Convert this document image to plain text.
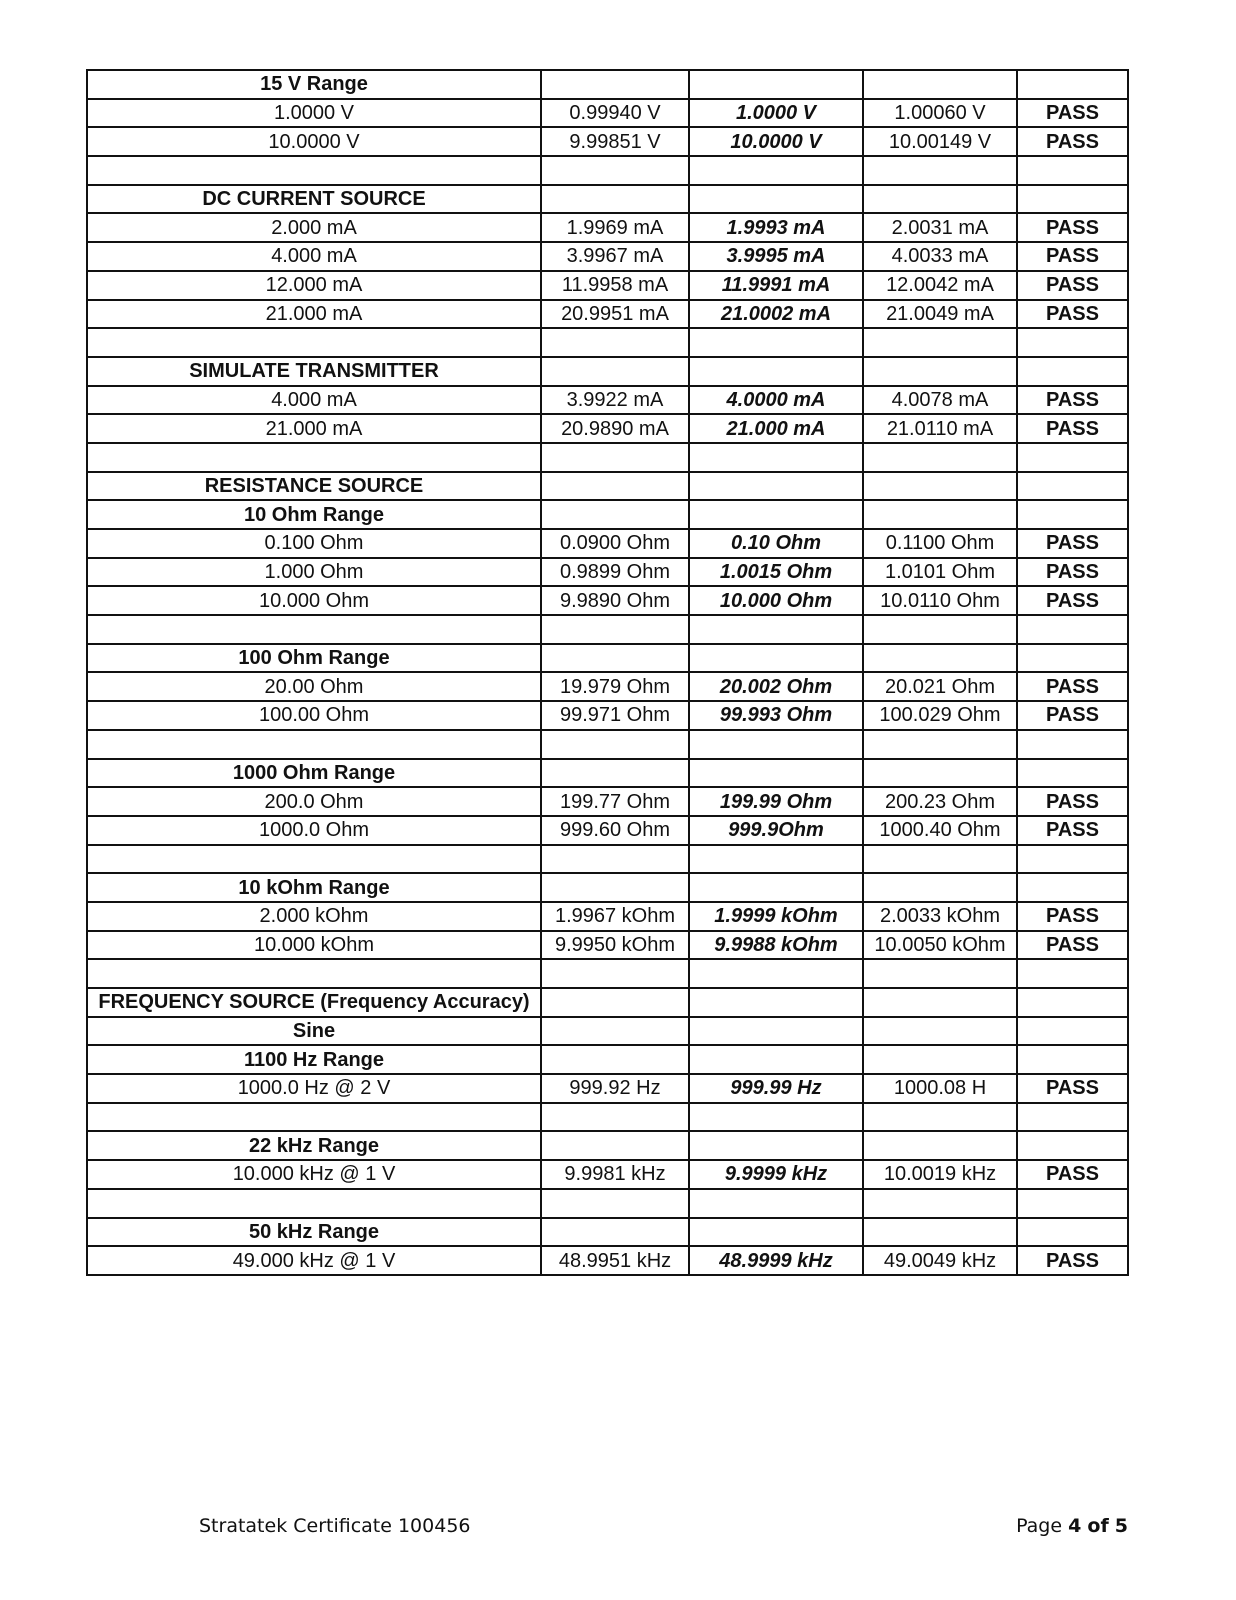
15 V Range				
1.0000 V	0.99940 V	1.0000 V	1.00060 V	PASS
10.0000 V	9.99851 V	10.0000 V	10.00149 V	PASS

DC CURRENT SOURCE				
2.000 mA	1.9969 mA	1.9993 mA	2.0031 mA	PASS
4.000 mA	3.9967 mA	3.9995 mA	4.0033 mA	PASS
12.000 mA	11.9958 mA	11.9991 mA	12.0042 mA	PASS
21.000 mA	20.9951 mA	21.0002 mA	21.0049 mA	PASS

SIMULATE TRANSMITTER				
4.000 mA	3.9922 mA	4.0000 mA	4.0078 mA	PASS
21.000 mA	20.9890 mA	21.000 mA	21.0110 mA	PASS

RESISTANCE SOURCE				
10 Ohm Range				
0.100 Ohm	0.0900 Ohm	0.10 Ohm	0.1100 Ohm	PASS
1.000 Ohm	0.9899 Ohm	1.0015 Ohm	1.0101 Ohm	PASS
10.000 Ohm	9.9890 Ohm	10.000 Ohm	10.0110 Ohm	PASS

100 Ohm Range				
20.00 Ohm	19.979 Ohm	20.002 Ohm	20.021 Ohm	PASS
100.00 Ohm	99.971 Ohm	99.993 Ohm	100.029 Ohm	PASS

1000 Ohm Range				
200.0 Ohm	199.77 Ohm	199.99 Ohm	200.23 Ohm	PASS
1000.0 Ohm	999.60 Ohm	999.9Ohm	1000.40 Ohm	PASS

10 kOhm Range				
2.000 kOhm	1.9967 kOhm	1.9999 kOhm	2.0033 kOhm	PASS
10.000 kOhm	9.9950 kOhm	9.9988 kOhm	10.0050 kOhm	PASS

FREQUENCY SOURCE (Frequency Accuracy)				
Sine				
1100 Hz Range				
1000.0 Hz @ 2 V	999.92 Hz	999.99 Hz	1000.08 H	PASS

22 kHz Range				
10.000 kHz @ 1 V	9.9981 kHz	9.9999 kHz	10.0019 kHz	PASS

50 kHz Range				
49.000 kHz @ 1 V	48.9951 kHz	48.9999 kHz	49.0049 kHz	PASS
Stratatek Certificate 100456	Page 4 of 5
